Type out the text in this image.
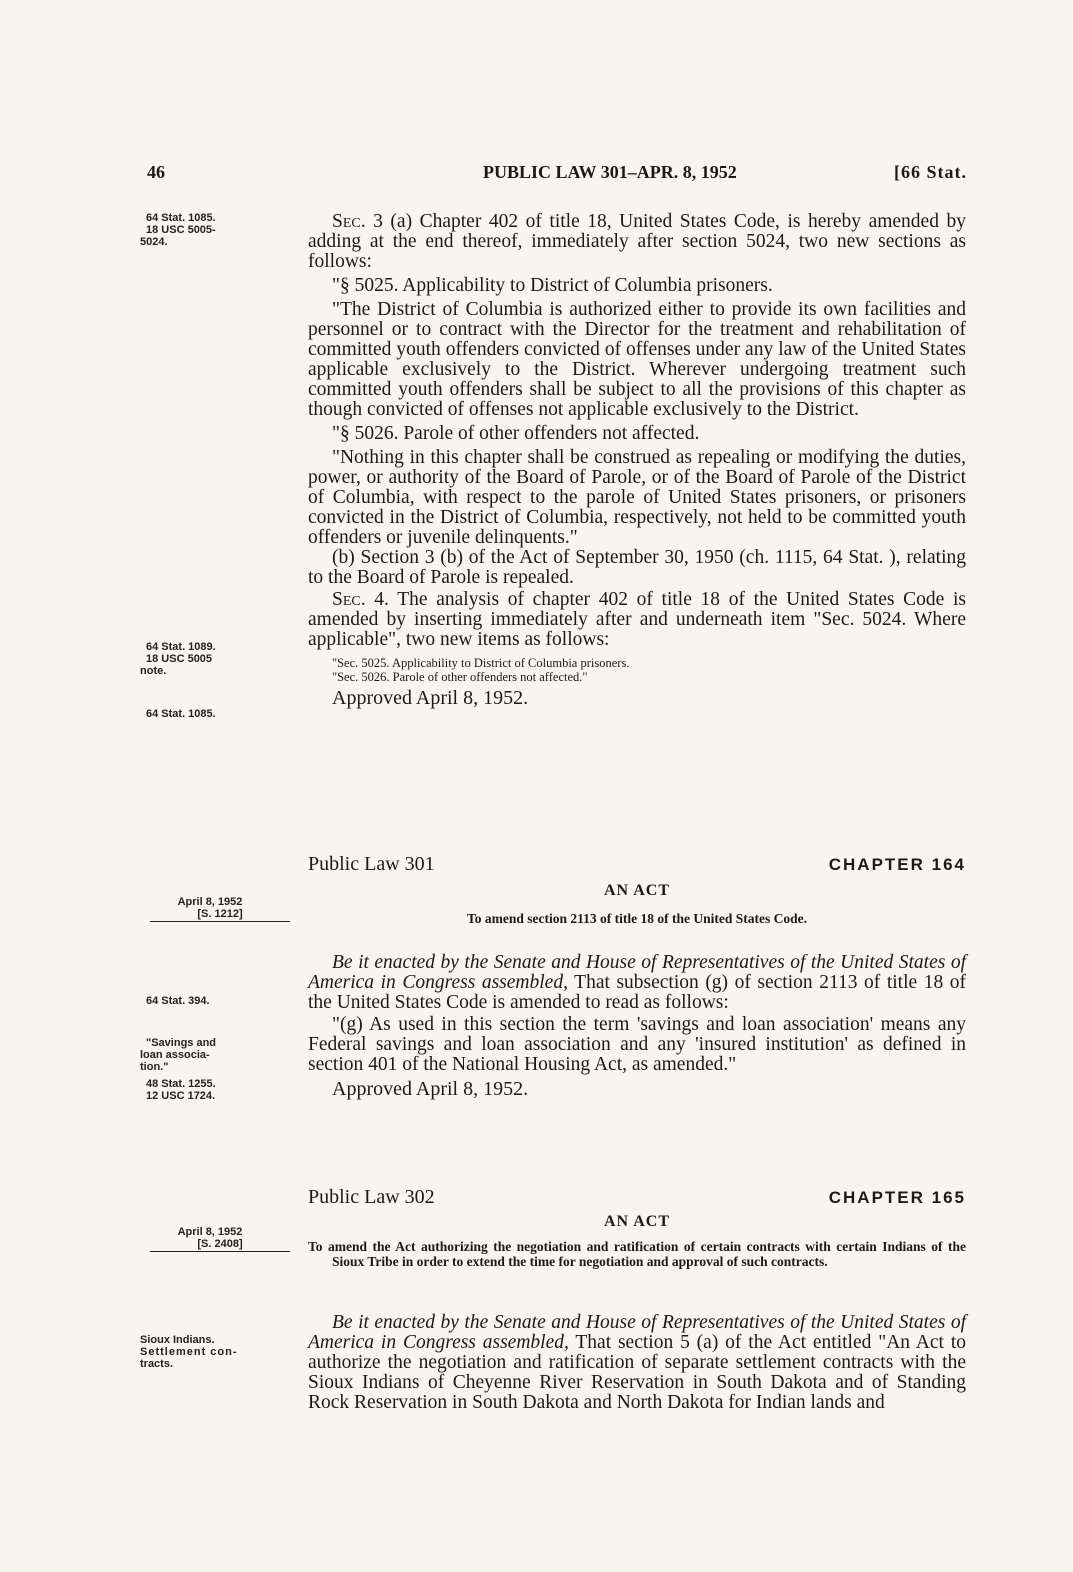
46	PUBLIC LAW 301–APR. 8, 1952	[66 Stat.
64 Stat. 1085.
18 USC 5005-
5024.
64 Stat. 1089.
18 USC 5005
note.
64 Stat. 1085.
April 8, 1952
[S. 1212]
64 Stat. 394.
"Savings and
loan associa-
tion."
48 Stat. 1255.
12 USC 1724.
April 8, 1952
[S. 2408]
Sioux Indians.
Settlement con-
tracts.

Sec. 3 (a) Chapter 402 of title 18, United States Code, is hereby amended by adding at the end thereof, immediately after section 5024, two new sections as follows:

"§ 5025. Applicability to District of Columbia prisoners.

"The District of Columbia is authorized either to provide its own facilities and personnel or to contract with the Director for the treatment and rehabilitation of committed youth offenders convicted of offenses under any law of the United States applicable exclusively to the District. Wherever undergoing treatment such committed youth offenders shall be subject to all the provisions of this chapter as though convicted of offenses not applicable exclusively to the District.

"§ 5026. Parole of other offenders not affected.

"Nothing in this chapter shall be construed as repealing or modifying the duties, power, or authority of the Board of Parole, or of the Board of Parole of the District of Columbia, with respect to the parole of United States prisoners, or prisoners convicted in the District of Columbia, respectively, not held to be committed youth offenders or juvenile delinquents."

(b) Section 3 (b) of the Act of September 30, 1950 (ch. 1115, 64 Stat. ), relating to the Board of Parole is repealed.

Sec. 4. The analysis of chapter 402 of title 18 of the United States Code is amended by inserting immediately after and underneath item "Sec. 5024. Where applicable", two new items as follows:

"Sec. 5025. Applicability to District of Columbia prisoners.

"Sec. 5026. Parole of other offenders not affected."

Approved April 8, 1952.

Public Law 301	CHAPTER 164
AN ACT
To amend section 2113 of title 18 of the United States Code.

Be it enacted by the Senate and House of Representatives of the United States of America in Congress assembled, That subsection (g) of section 2113 of title 18 of the United States Code is amended to read as follows:

"(g) As used in this section the term 'savings and loan association' means any Federal savings and loan association and any 'insured institution' as defined in section 401 of the National Housing Act, as amended."

Approved April 8, 1952.

Public Law 302	CHAPTER 165
AN ACT
To amend the Act authorizing the negotiation and ratification of certain contracts with certain Indians of the Sioux Tribe in order to extend the time for negotiation and approval of such contracts.

Be it enacted by the Senate and House of Representatives of the United States of America in Congress assembled, That section 5 (a) of the Act entitled "An Act to authorize the negotiation and ratification of separate settlement contracts with the Sioux Indians of Cheyenne River Reservation in South Dakota and of Standing Rock Reservation in South Dakota and North Dakota for Indian lands and
